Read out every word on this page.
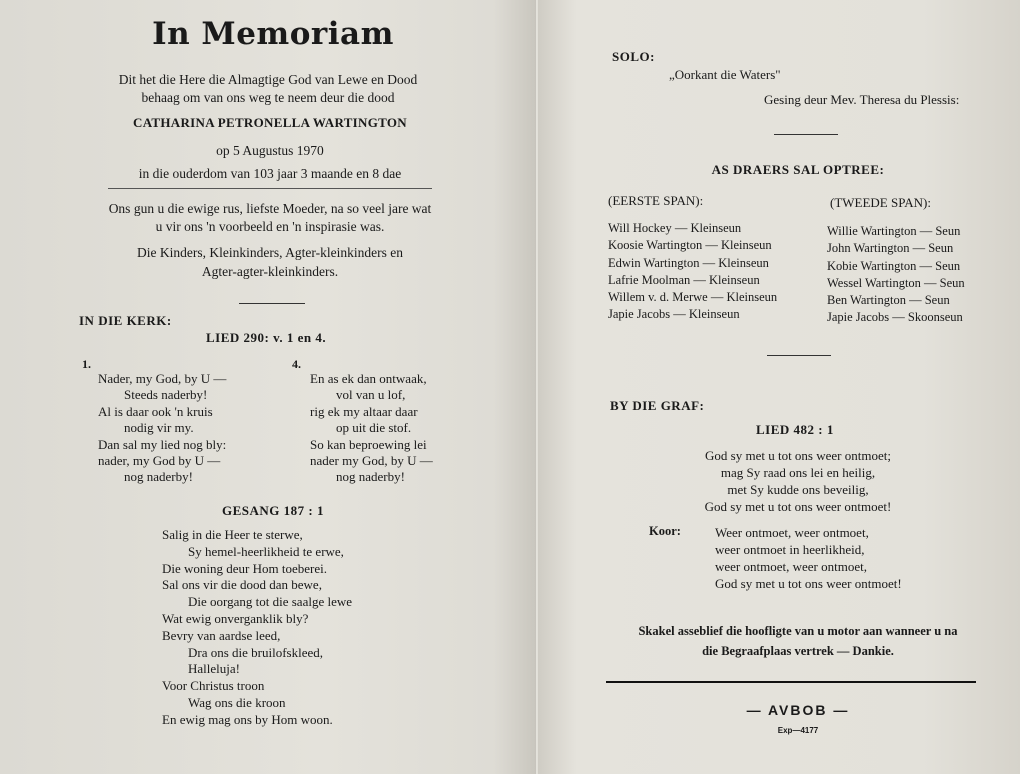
In Memoriam
Dit het die Here die Almagtige God van Lewe en Dood
behaag om van ons weg te neem deur die dood
CATHARINA PETRONELLA WARTINGTON
op 5 Augustus 1970
in die ouderdom van 103 jaar 3 maande en 8 dae
Ons gun u die ewige rus, liefste Moeder, na so veel jare wat
u vir ons 'n voorbeeld en 'n inspirasie was.
Die Kinders, Kleinkinders, Agter-kleinkinders en
Agter-agter-kleinkinders.
IN DIE KERK:
LIED 290: v. 1 en 4.
1.
Nader, my God, by U —
Steeds naderby!
Al is daar ook 'n kruis
nodig vir my.
Dan sal my lied nog bly:
nader, my God by U —
nog naderby!
4.
En as ek dan ontwaak,
vol van u lof,
rig ek my altaar daar
op uit die stof.
So kan beproewing lei
nader my God, by U —
nog naderby!
GESANG 187 : 1
Salig in die Heer te sterwe,
Sy hemel-heerlikheid te erwe,
Die woning deur Hom toeberei.
Sal ons vir die dood dan bewe,
Die oorgang tot die saalge lewe
Wat ewig onverganklik bly?
Bevry van aardse leed,
Dra ons die bruilofskleed,
Halleluja!
Voor Christus troon
Wag ons die kroon
En ewig mag ons by Hom woon.
SOLO:
„Oorkant die Waters"
Gesing deur Mev. Theresa du Plessis:
AS DRAERS SAL OPTREE:
(EERSTE SPAN):	(TWEEDE SPAN):
Will Hockey — Kleinseun
Koosie Wartington — Kleinseun
Edwin Wartington — Kleinseun
Lafrie Moolman — Kleinseun
Willem v. d. Merwe — Kleinseun
Japie Jacobs — Kleinseun
Willie Wartington — Seun
John Wartington — Seun
Kobie Wartington — Seun
Wessel Wartington — Seun
Ben Wartington — Seun
Japie Jacobs — Skoonseun
BY DIE GRAF:
LIED 482 : 1
God sy met u tot ons weer ontmoet;
mag Sy raad ons lei en heilig,
met Sy kudde ons beveilig,
God sy met u tot ons weer ontmoet!
Koor:	Weer ontmoet, weer ontmoet,
weer ontmoet in heerlikheid,
weer ontmoet, weer ontmoet,
God sy met u tot ons weer ontmoet!
Skakel asseblief die hoofligte van u motor aan wanneer u na
die Begraafplaas vertrek — Dankie.
— AVBOB —
Exp—4177
